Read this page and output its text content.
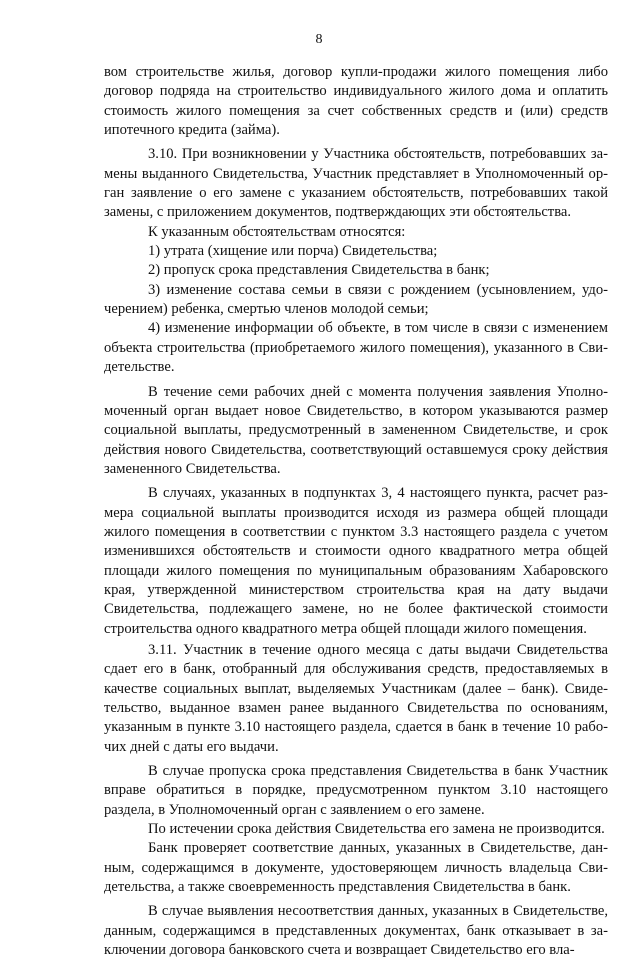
8

вом строительстве жилья, договор купли-продажи жилого помещения либо договор подряда на строительство индивидуального жилого дома и оплатить стоимость жилого помещения за счет собственных средств и (или) средств ипотечного кредита (займа).

3.10. При возникновении у Участника обстоятельств, потребовавших замены выданного Свидетельства, Участник представляет в Уполномоченный орган заявление о его замене с указанием обстоятельств, потребовавших такой замены, с приложением документов, подтверждающих эти обстоятельства.

К указанным обстоятельствам относятся:

1) утрата (хищение или порча) Свидетельства;

2) пропуск срока представления Свидетельства в банк;

3) изменение состава семьи в связи с рождением (усыновлением, удочерением) ребенка, смертью членов молодой семьи;

4) изменение информации об объекте, в том числе в связи с изменением объекта строительства (приобретаемого жилого помещения), указанного в Свидетельстве.

В течение семи рабочих дней с момента получения заявления Уполномоченный орган выдает новое Свидетельство, в котором указываются размер социальной выплаты, предусмотренный в замененном Свидетельстве, и срок действия нового Свидетельства, соответствующий оставшемуся сроку действия замененного Свидетельства.

В случаях, указанных в подпунктах 3, 4 настоящего пункта, расчет размера социальной выплаты производится исходя из размера общей площади жилого помещения в соответствии с пунктом 3.3 настоящего раздела с учетом изменившихся обстоятельств и стоимости одного квадратного метра общей площади жилого помещения по муниципальным образованиям Хабаровского края, утвержденной министерством строительства края на дату выдачи Свидетельства, подлежащего замене, но не более фактической стоимости строительства одного квадратного метра общей площади жилого помещения.

3.11. Участник в течение одного месяца с даты выдачи Свидетельства сдает его в банк, отобранный для обслуживания средств, предоставляемых в качестве социальных выплат, выделяемых Участникам (далее – банк). Свидетельство, выданное взамен ранее выданного Свидетельства по основаниям, указанным в пункте 3.10 настоящего раздела, сдается в банк в течение 10 рабочих дней с даты его выдачи.

В случае пропуска срока представления Свидетельства в банк Участник вправе обратиться в порядке, предусмотренном пунктом 3.10 настоящего раздела, в Уполномоченный орган с заявлением о его замене.

По истечении срока действия Свидетельства его замена не производится.

Банк проверяет соответствие данных, указанных в Свидетельстве, данным, содержащимся в документе, удостоверяющем личность владельца Свидетельства, а также своевременность представления Свидетельства в банк.

В случае выявления несоответствия данных, указанных в Свидетельстве, данным, содержащимся в представленных документах, банк отказывает в заключении договора банковского счета и возвращает Свидетельство его вла-
